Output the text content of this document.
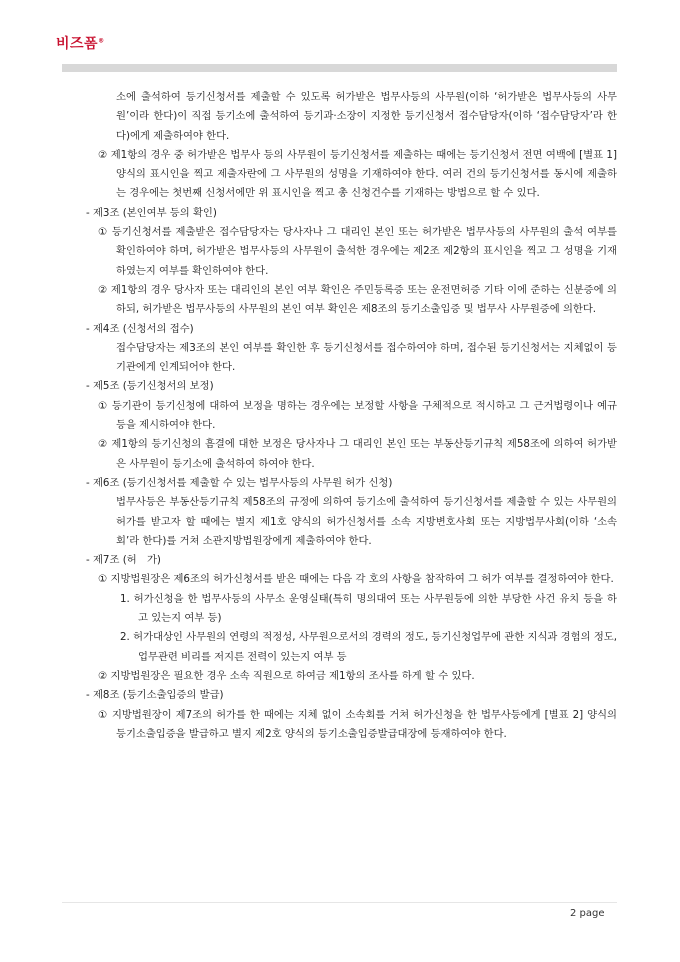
비즈폼®
소에 출석하여 등기신청서를 제출할 수 있도록 허가받은 법무사등의 사무원(이하 ‘허가받은 법무사등의 사무원’이라 한다)이 직접 등기소에 출석하여 등기과·소장이 지정한 등기신청서 접수담당자(이하 ‘접수담당자’라 한다)에게 제출하여야 한다.
② 제1항의 경우 중 허가받은 법무사 등의 사무원이 등기신청서를 제출하는 때에는 등기신청서 전면 여백에 [별표 1] 양식의 표시인을 찍고 제출자란에 그 사무원의 성명을 기재하여야 한다. 여러 건의 등기신청서를 동시에 제출하는 경우에는 첫번째 신청서에만 위 표시인을 찍고 총 신청건수를 기재하는 방법으로 할 수 있다.
- 제3조 (본인여부 등의 확인)
① 등기신청서를 제출받은 접수담당자는 당사자나 그 대리인 본인 또는 허가받은 법무사등의 사무원의 출석 여부를 확인하여야 하며, 허가받은 법무사등의 사무원이 출석한 경우에는 제2조 제2항의 표시인을 찍고 그 성명을 기재하였는지 여부를 확인하여야 한다.
② 제1항의 경우 당사자 또는 대리인의 본인 여부 확인은 주민등록증 또는 운전면허증 기타 이에 준하는 신분증에 의하되, 허가받은 법무사등의 사무원의 본인 여부 확인은 제8조의 등기소출입증 및 법무사 사무원증에 의한다.
- 제4조 (신청서의 접수)
접수담당자는 제3조의 본인 여부를 확인한 후 등기신청서를 접수하여야 하며, 접수된 등기신청서는 지체없이 등기관에게 인계되어야 한다.
- 제5조 (등기신청서의 보정)
① 등기관이 등기신청에 대하여 보정을 명하는 경우에는 보정할 사항을 구체적으로 적시하고 그 근거법령이나 예규 등을 제시하여야 한다.
② 제1항의 등기신청의 흠결에 대한 보정은 당사자나 그 대리인 본인 또는 부동산등기규칙 제58조에 의하여 허가받은 사무원이 등기소에 출석하여 하여야 한다.
- 제6조 (등기신청서를 제출할 수 있는 법무사등의 사무원 허가 신청)
법무사등은 부동산등기규칙 제58조의 규정에 의하여 등기소에 출석하여 등기신청서를 제출할 수 있는 사무원의 허가를 받고자 할 때에는 별지 제1호 양식의 허가신청서를 소속 지방변호사회 또는 지방법무사회(이하 ‘소속회’라 한다)를 거쳐 소관지방법원장에게 제출하여야 한다.
- 제7조 (허　가)
① 지방법원장은 제6조의 허가신청서를 받은 때에는 다음 각 호의 사항을 참작하여 그 허가 여부를 결정하여야 한다.
1. 허가신청을 한 법무사등의 사무소 운영실태(특히 명의대여 또는 사무원등에 의한 부당한 사건 유치 등을 하고 있는지 여부 등)
2. 허가대상인 사무원의 연령의 적정성, 사무원으로서의 경력의 정도, 등기신청업무에 관한 지식과 경험의 정도, 업무관련 비리를 저지른 전력이 있는지 여부 등
② 지방법원장은 필요한 경우 소속 직원으로 하여금 제1항의 조사를 하게 할 수 있다.
- 제8조 (등기소출입증의 발급)
① 지방법원장이 제7조의 허가를 한 때에는 지체 없이 소속회를 거쳐 허가신청을 한 법무사등에게 [별표 2] 양식의 등기소출입증을 발급하고 별지 제2호 양식의 등기소출입증발급대장에 등재하여야 한다.
2 page
